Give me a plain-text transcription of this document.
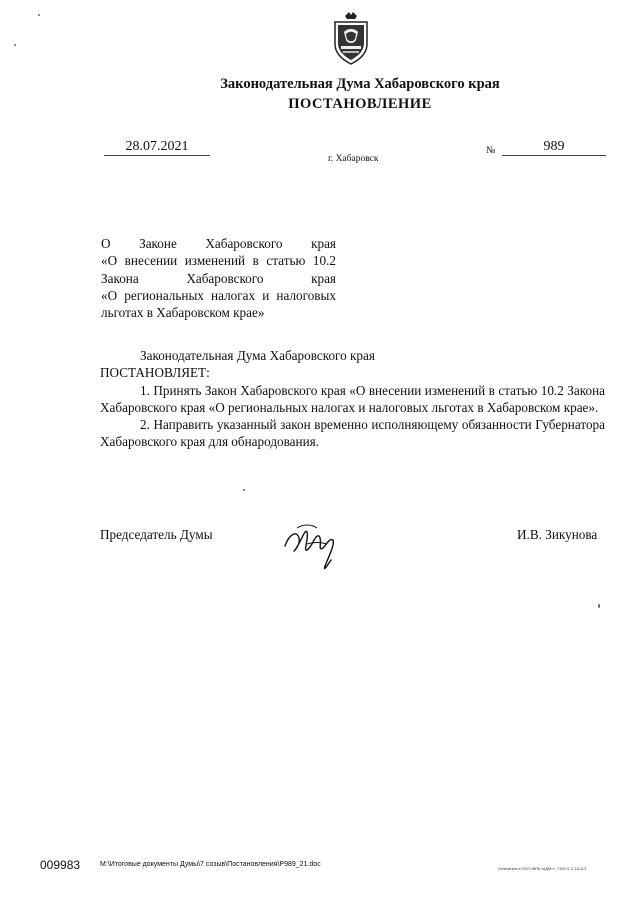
Законодательная Дума Хабаровского края
ПОСТАНОВЛЕНИЕ
28.07.2021
г. Хабаровск
№	989

О Законе Хабаровского края

«О внесении изменений в статью 10.2

Закона Хабаровского края

«О региональных налогах и налоговых

льготах в Хабаровском крае»

Законодательная Дума Хабаровского края

ПОСТАНОВЛЯЕТ:

1. Принять Закон Хабаровского края «О внесении изменений в статью 10.2 Закона Хабаровского края «О региональных налогах и налоговых льготах в Хабаровском крае».

2. Направить указанный закон временно исполняющему обязанности Губернатора Хабаровского края для обнародования.

Председатель Думы	И.В. Зикунова
009983	M:\Итоговые документы Думы\7 созыв\Постановления\P989_21.doc
Отпечатано в ООО «ВПК «АДМ»», Т.500 З. С-18-11/1
